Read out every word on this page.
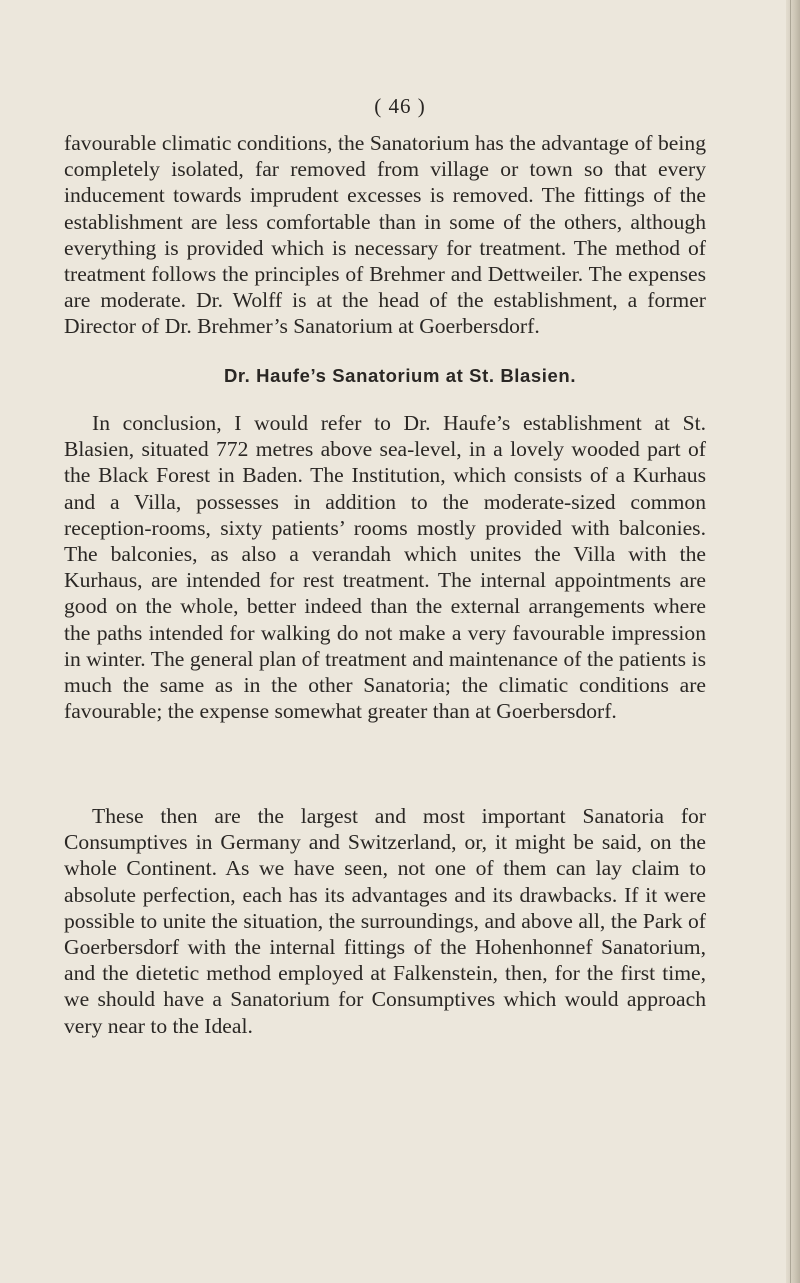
( 46 )

favourable climatic conditions, the Sanatorium has the advantage of being completely isolated, far removed from village or town so that every inducement towards imprudent excesses is removed. The fittings of the establishment are less comfortable than in some of the others, although everything is provided which is necessary for treatment. The method of treatment follows the principles of Brehmer and Dettweiler. The expenses are moderate. Dr. Wolff is at the head of the establishment, a former Director of Dr. Brehmer’s Sanatorium at Goerbersdorf.

Dr. Haufe’s Sanatorium at St. Blasien.

In conclusion, I would refer to Dr. Haufe’s establishment at St. Blasien, situated 772 metres above sea-level, in a lovely wooded part of the Black Forest in Baden. The Institution, which consists of a Kurhaus and a Villa, possesses in addition to the moderate-sized common reception-rooms, sixty patients’ rooms mostly provided with balconies. The balconies, as also a verandah which unites the Villa with the Kurhaus, are intended for rest treatment. The internal appointments are good on the whole, better indeed than the external arrangements where the paths intended for walking do not make a very favourable impression in winter. The general plan of treatment and maintenance of the patients is much the same as in the other Sanatoria; the climatic conditions are favourable; the expense somewhat greater than at Goerbersdorf.

These then are the largest and most important Sanatoria for Consumptives in Germany and Switzerland, or, it might be said, on the whole Continent. As we have seen, not one of them can lay claim to absolute perfection, each has its advantages and its drawbacks. If it were possible to unite the situation, the surroundings, and above all, the Park of Goerbersdorf with the internal fittings of the Hohenhonnef Sanatorium, and the dietetic method employed at Falkenstein, then, for the first time, we should have a Sanatorium for Consumptives which would approach very near to the Ideal.
